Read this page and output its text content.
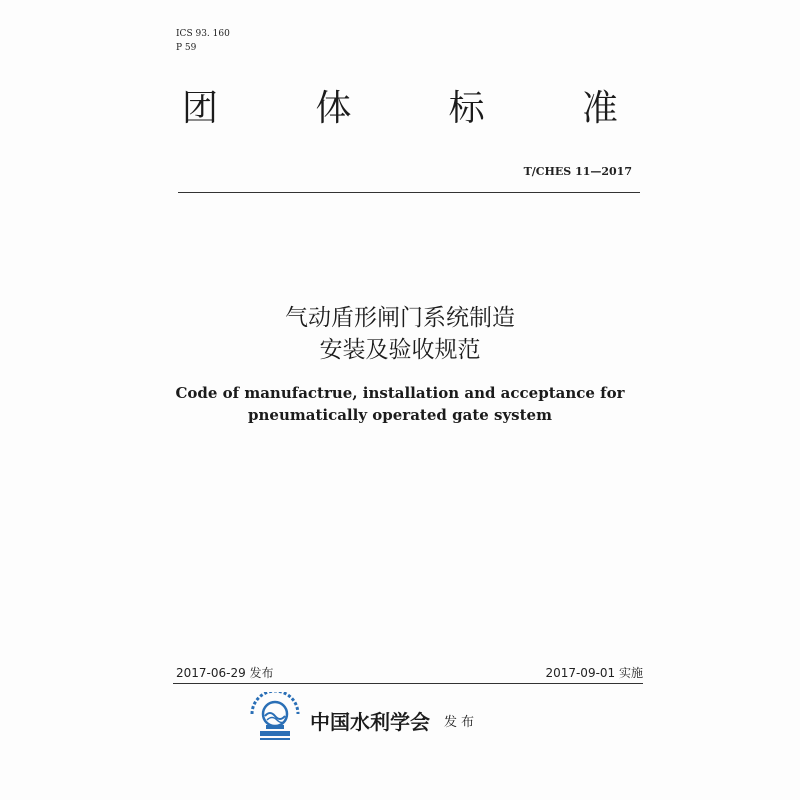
ICS 93. 160
P 59
团	体	标	准
T/CHES 11—2017
气动盾形闸门系统制造
安装及验收规范
Code of manufactrue, installation and acceptance for
pneumatically operated gate system
2017-06-29 发布	2017-09-01 实施
中国水利学会 发布
